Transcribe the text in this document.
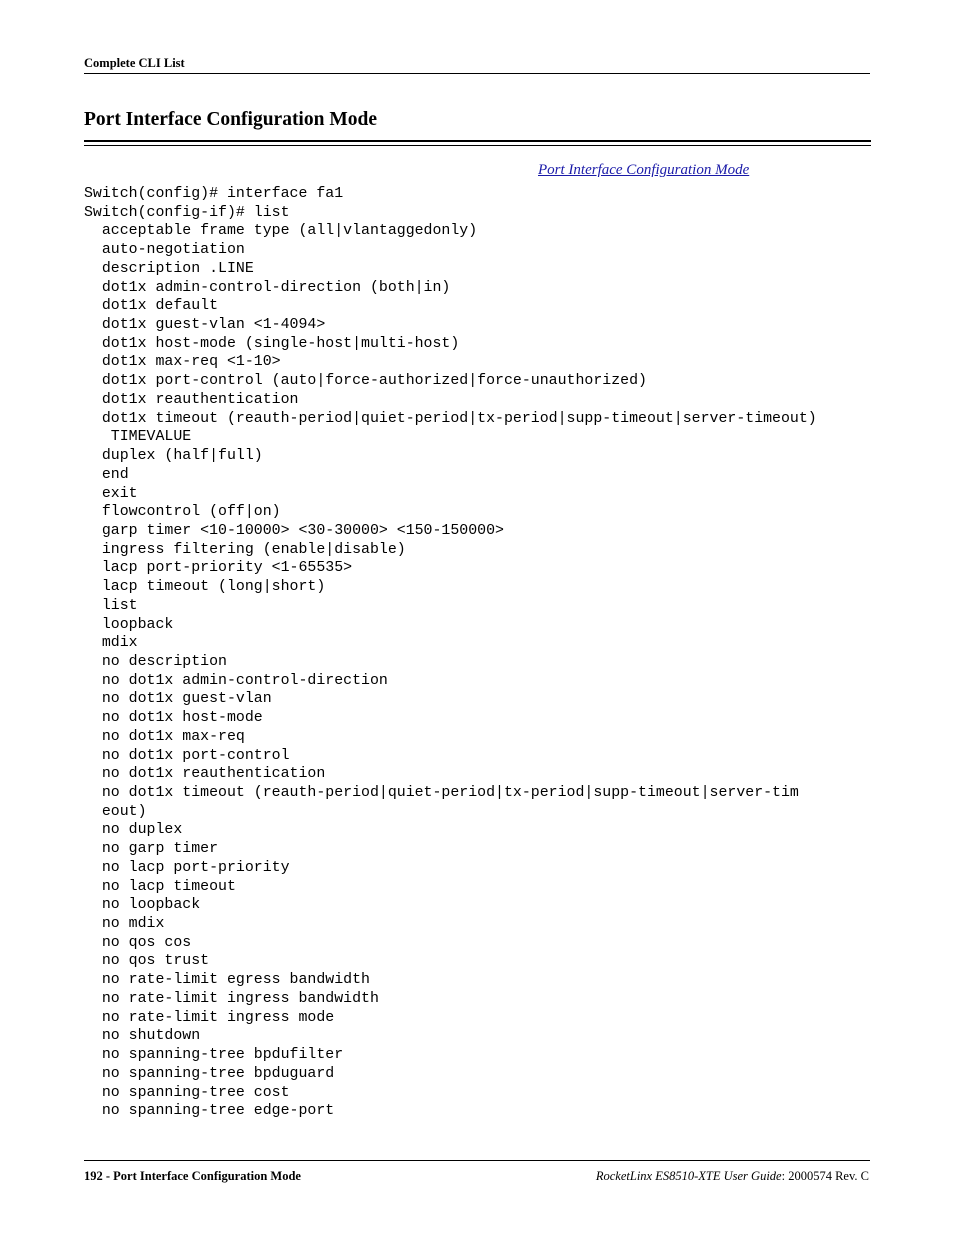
Complete CLI List
Port Interface Configuration Mode
Port Interface Configuration Mode
Switch(config)# interface fa1
Switch(config-if)# list
acceptable frame type (all|vlantaggedonly)
auto-negotiation
description .LINE
dot1x admin-control-direction (both|in)
dot1x default
dot1x guest-vlan <1-4094>
dot1x host-mode (single-host|multi-host)
dot1x max-req <1-10>
dot1x port-control (auto|force-authorized|force-unauthorized)
dot1x reauthentication
dot1x timeout (reauth-period|quiet-period|tx-period|supp-timeout|server-timeout)
TIMEVALUE
duplex (half|full)
end
exit
flowcontrol (off|on)
garp timer <10-10000> <30-30000> <150-150000>
ingress filtering (enable|disable)
lacp port-priority <1-65535>
lacp timeout (long|short)
list
loopback
mdix
no description
no dot1x admin-control-direction
no dot1x guest-vlan
no dot1x host-mode
no dot1x max-req
no dot1x port-control
no dot1x reauthentication
no dot1x timeout (reauth-period|quiet-period|tx-period|supp-timeout|server-tim
eout)
no duplex
no garp timer
no lacp port-priority
no lacp timeout
no loopback
no mdix
no qos cos
no qos trust
no rate-limit egress bandwidth
no rate-limit ingress bandwidth
no rate-limit ingress mode
no shutdown
no spanning-tree bpdufilter
no spanning-tree bpduguard
no spanning-tree cost
no spanning-tree edge-port
192 - Port Interface Configuration Mode	RocketLinx ES8510-XTE User Guide: 2000574 Rev. C
